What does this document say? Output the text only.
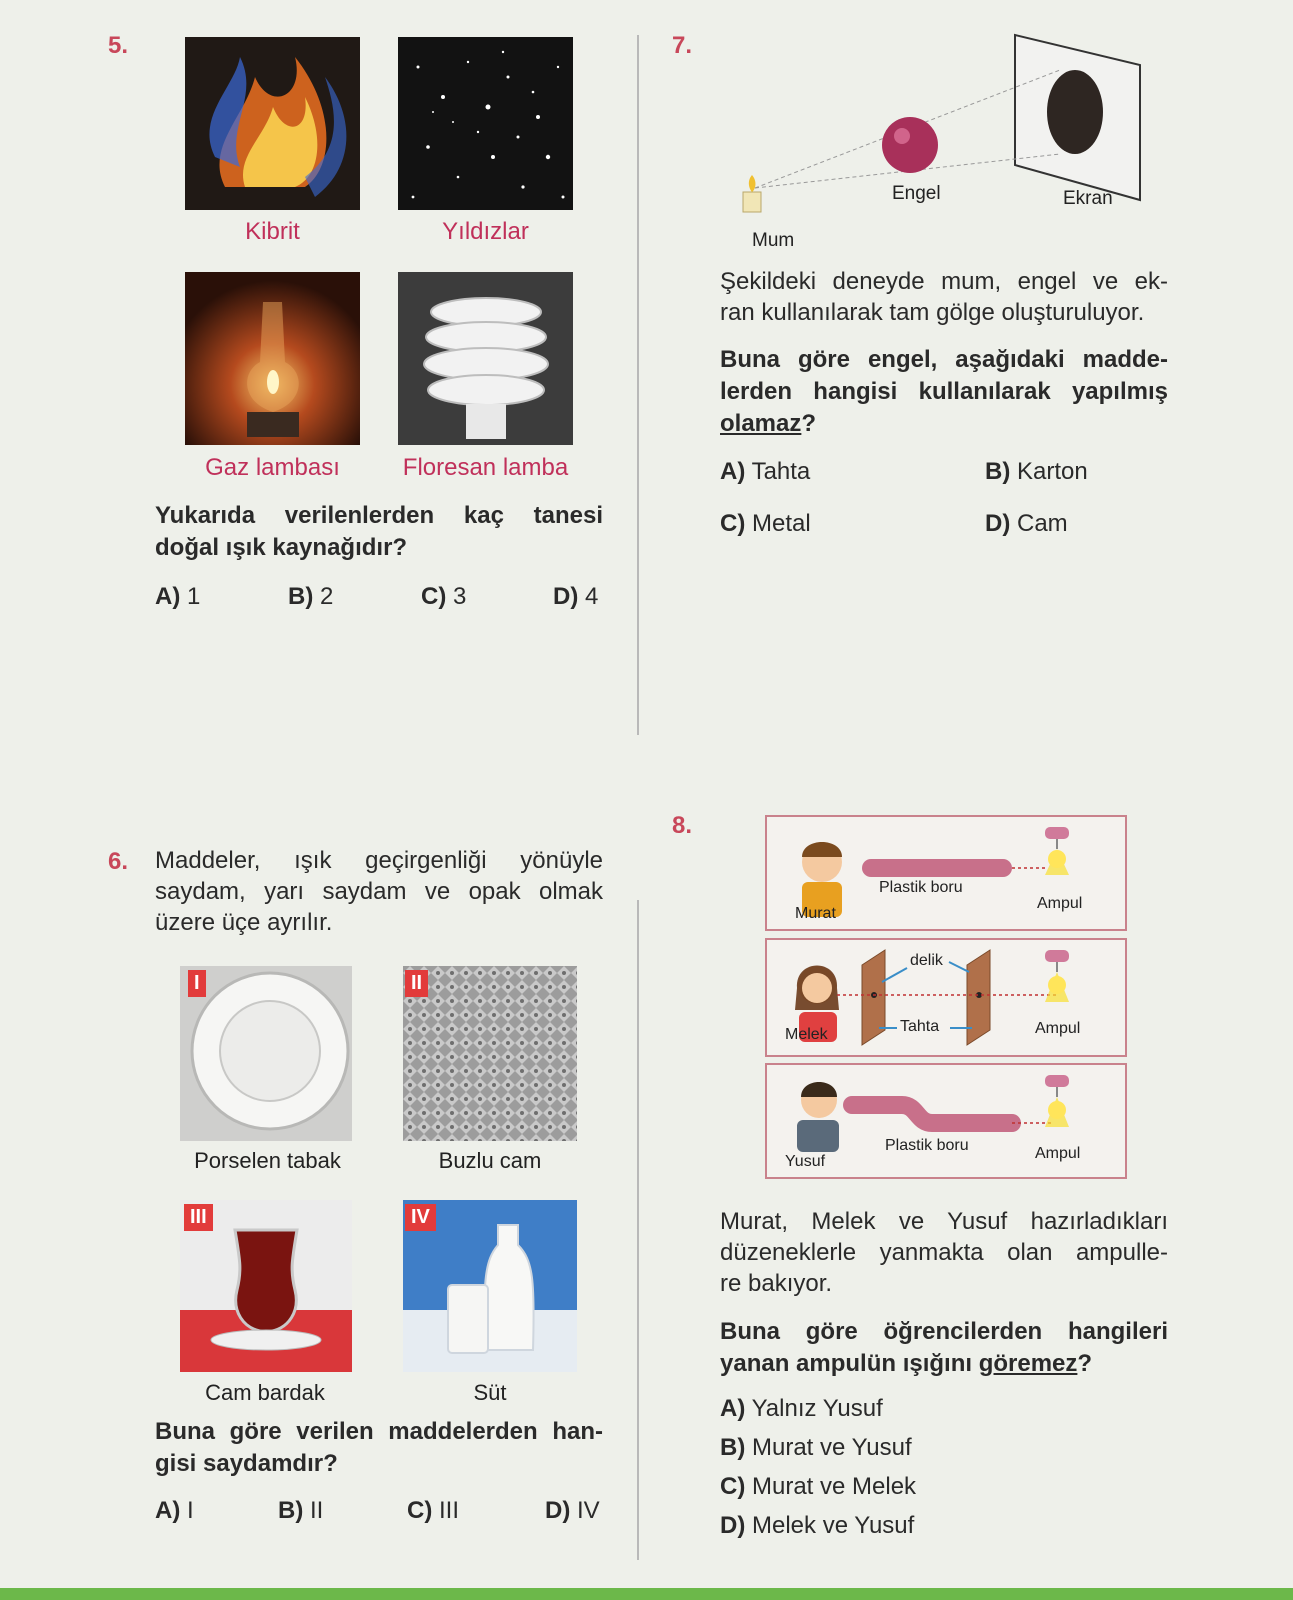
5.
Kibrit	Yıldızlar
Gaz lambası	Floresan lamba
Yukarıda verilenlerden kaç tanesi
doğal ışık kaynağıdır?
A) 1	B) 2	C) 3	D) 4
6. Maddeler, ışık geçirgenliği yönüyle
saydam, yarı saydam ve opak olmak
üzere üçe ayrılır.
I	II
Porselen tabak	Buzlu cam
III	IV
Cam bardak	Süt
Buna göre verilen maddelerden han-
gisi saydamdır?
A) I	B) II	C) III	D) IV
7.
Engel	Ekran
Mum
Şekildeki deneyde mum, engel ve ek-
ran kullanılarak tam gölge oluşturuluyor.
Buna göre engel, aşağıdaki madde-
lerden hangisi kullanılarak yapılmış
olamaz?
A) Tahta	B) Karton
C) Metal	D) Cam
8.
Plastik boru
Murat
Ampul
delik
Tahta
Melek	Ampul
Plastik boru
Yusuf	Ampul
Murat, Melek ve Yusuf hazırladıkları
düzeneklerle yanmakta olan ampulle-
re bakıyor.
Buna göre öğrencilerden hangileri
yanan ampulün ışığını göremez?
A) Yalnız Yusuf
B) Murat ve Yusuf
C) Murat ve Melek
D) Melek ve Yusuf
